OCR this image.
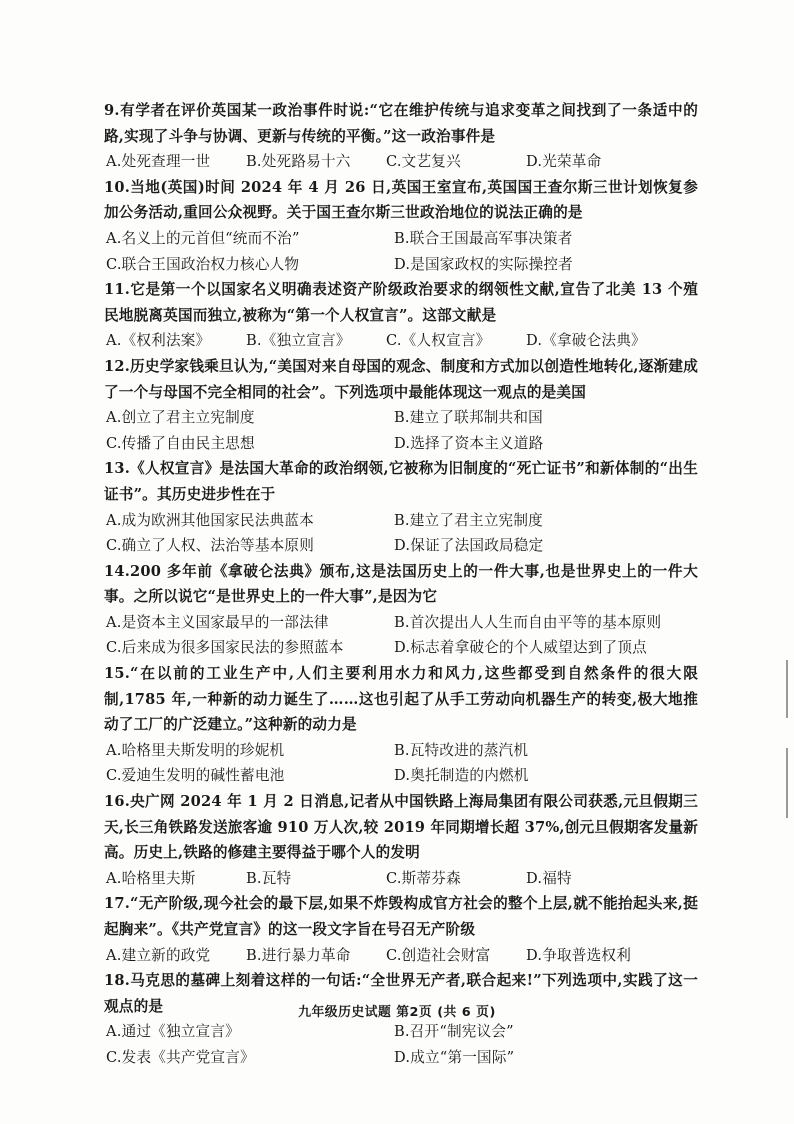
9.有学者在评价英国某一政治事件时说:“它在维护传统与追求变革之间找到了一条适中的路,实现了斗争与协调、更新与传统的平衡。”这一政治事件是
A.处死查理一世	B.处死路易十六	C.文艺复兴	D.光荣革命
10.当地(英国)时间 2024 年 4 月 26 日,英国王室宣布,英国国王查尔斯三世计划恢复参加公务活动,重回公众视野。关于国王查尔斯三世政治地位的说法正确的是
A.名义上的元首但“统而不治”	B.联合王国最高军事决策者
C.联合王国政治权力核心人物	D.是国家政权的实际操控者
11.它是第一个以国家名义明确表述资产阶级政治要求的纲领性文献,宣告了北美 13 个殖民地脱离英国而独立,被称为“第一个人权宣言”。这部文献是
A.《权利法案》	B.《独立宣言》	C.《人权宣言》	D.《拿破仑法典》
12.历史学家钱乘旦认为,“美国对来自母国的观念、制度和方式加以创造性地转化,逐渐建成了一个与母国不完全相同的社会”。下列选项中最能体现这一观点的是美国
A.创立了君主立宪制度	B.建立了联邦制共和国
C.传播了自由民主思想	D.选择了资本主义道路
13.《人权宣言》是法国大革命的政治纲领,它被称为旧制度的“死亡证书”和新体制的“出生证书”。其历史进步性在于
A.成为欧洲其他国家民法典蓝本	B.建立了君主立宪制度
C.确立了人权、法治等基本原则	D.保证了法国政局稳定
14.200 多年前《拿破仑法典》颁布,这是法国历史上的一件大事,也是世界史上的一件大事。之所以说它“是世界史上的一件大事”,是因为它
A.是资本主义国家最早的一部法律	B.首次提出人人生而自由平等的基本原则
C.后来成为很多国家民法的参照蓝本	D.标志着拿破仑的个人威望达到了顶点
15.“在以前的工业生产中,人们主要利用水力和风力,这些都受到自然条件的很大限制,1785 年,一种新的动力诞生了……这也引起了从手工劳动向机器生产的转变,极大地推动了工厂的广泛建立。”这种新的动力是
A.哈格里夫斯发明的珍妮机	B.瓦特改进的蒸汽机
C.爱迪生发明的碱性蓄电池	D.奥托制造的内燃机
16.央广网 2024 年 1 月 2 日消息,记者从中国铁路上海局集团有限公司获悉,元旦假期三天,长三角铁路发送旅客逾 910 万人次,较 2019 年同期增长超 37%,创元旦假期客发量新高。历史上,铁路的修建主要得益于哪个人的发明
A.哈格里夫斯	B.瓦特	C.斯蒂芬森	D.福特
17.“无产阶级,现今社会的最下层,如果不炸毁构成官方社会的整个上层,就不能抬起头来,挺起胸来”。《共产党宣言》的这一段文字旨在号召无产阶级
A.建立新的政党	B.进行暴力革命	C.创造社会财富	D.争取普选权利
18.马克思的墓碑上刻着这样的一句话:“全世界无产者,联合起来!”下列选项中,实践了这一观点的是
A.通过《独立宣言》	B.召开“制宪议会”
C.发表《共产党宣言》	D.成立“第一国际”
九年级历史试题 第2页 (共 6 页)
